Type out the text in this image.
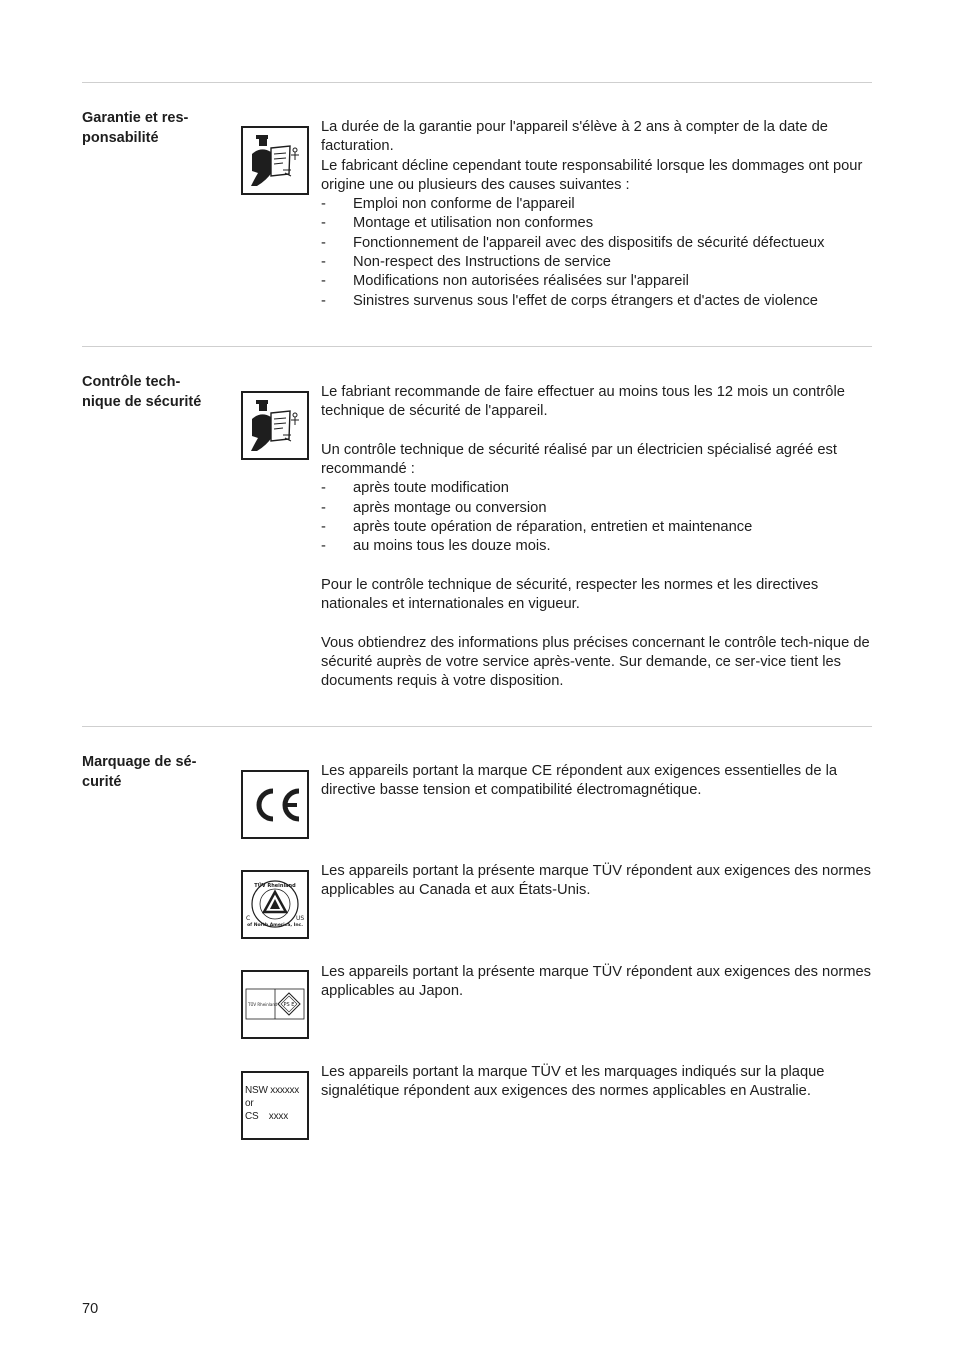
Garantie et res-
ponsabilité

La durée de la garantie pour l'appareil s'élève à 2 ans à compter de la date de facturation.

Le fabricant décline cependant toute responsabilité lorsque les dommages ont pour origine une ou plusieurs des causes suivantes :

- Emploi non conforme de l'appareil
- Montage et utilisation non conformes
- Fonctionnement de l'appareil avec des dispositifs de sécurité défectueux
- Non-respect des Instructions de service
- Modifications non autorisées réalisées sur l'appareil
- Sinistres survenus sous l'effet de corps étrangers et d'actes de violence
Contrôle tech-
nique de sécurité

Le fabriant recommande de faire effectuer au moins tous les 12 mois un contrôle technique de sécurité de l'appareil.

Un contrôle technique de sécurité réalisé par un électricien spécialisé agréé est recommandé :

- après toute modification
- après montage ou conversion
- après toute opération de réparation, entretien et maintenance
- au moins tous les douze mois.

Pour le contrôle technique de sécurité, respecter les normes et les directives nationales et internationales en vigueur.

Vous obtiendrez des informations plus précises concernant le contrôle tech-nique de sécurité auprès de votre service après-vente. Sur demande, ce ser-vice tient les documents requis à votre disposition.

Marquage de sé-
curité
Les appareils portant la marque CE répondent aux exigences essentielles de la directive basse tension et compatibilité électromagnétique.
TÜV Rheinland
of North America, Inc.
C	US
Les appareils portant la présente marque TÜV répondent aux exigences des normes applicables au Canada et aux États-Unis.
TÜV Rheinland PS E
Les appareils portant la présente marque TÜV répondent aux exigences des normes applicables au Japon.
NSW xxxxxx
or
CS    xxxx
Les appareils portant la marque TÜV et les marquages indiqués sur la plaque signalétique répondent aux exigences des normes applicables en Australie.
70
